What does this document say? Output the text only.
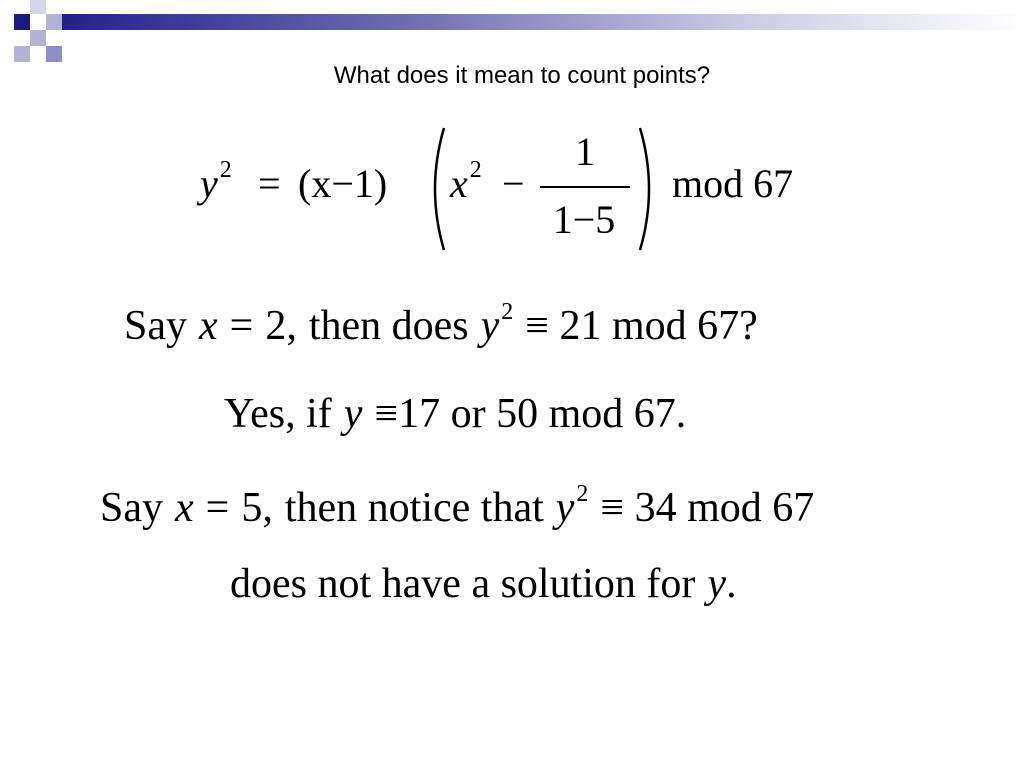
What does it mean to count points?
$y^2 = (x-1) x^2$ −
1
1−5
mod 67
Say x = 2, then does $y^2 \equiv 21$ mod 67?
Yes, if y ≡17 or 50 mod 67.
Say x = 5, then notice that $y^2 \equiv 34$ mod 67
does not have a solution for y.
